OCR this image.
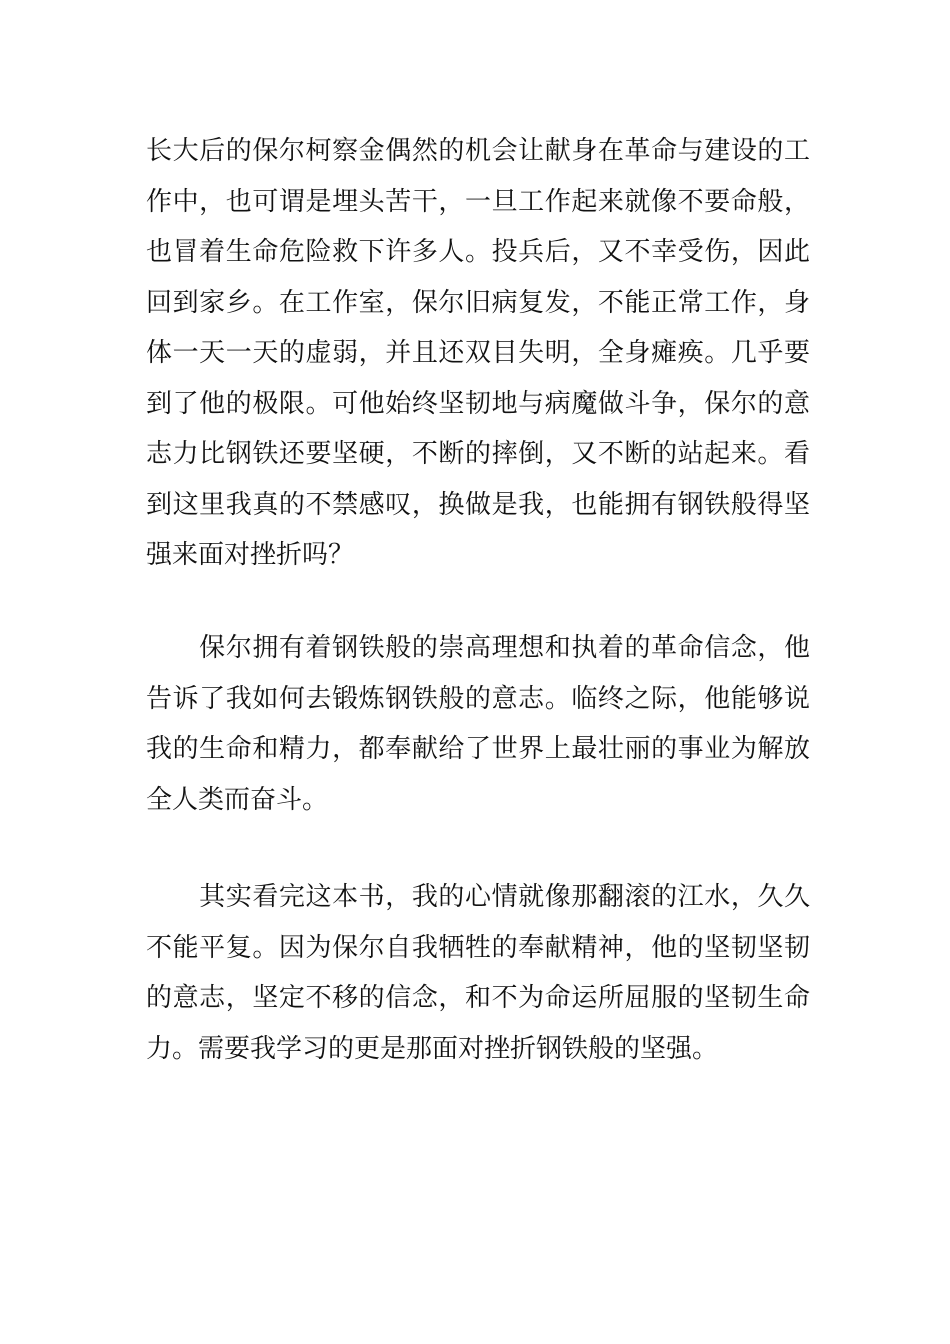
长大后的保尔柯察金偶然的机会让献身在革命与建设的工
作中，也可谓是埋头苦干，一旦工作起来就像不要命般，
也冒着生命危险救下许多人。投兵后，又不幸受伤，因此
回到家乡。在工作室，保尔旧病复发，不能正常工作，身
体一天一天的虚弱，并且还双目失明，全身瘫痪。几乎要
到了他的极限。可他始终坚韧地与病魔做斗争，保尔的意
志力比钢铁还要坚硬，不断的摔倒，又不断的站起来。看
到这里我真的不禁感叹，换做是我，也能拥有钢铁般得坚
强来面对挫折吗？
　　保尔拥有着钢铁般的崇高理想和执着的革命信念，他
告诉了我如何去锻炼钢铁般的意志。临终之际，他能够说
我的生命和精力，都奉献给了世界上最壮丽的事业为解放
全人类而奋斗。
　　其实看完这本书，我的心情就像那翻滚的江水，久久
不能平复。因为保尔自我牺牲的奉献精神，他的坚韧坚韧
的意志，坚定不移的信念，和不为命运所屈服的坚韧生命
力。需要我学习的更是那面对挫折钢铁般的坚强。
